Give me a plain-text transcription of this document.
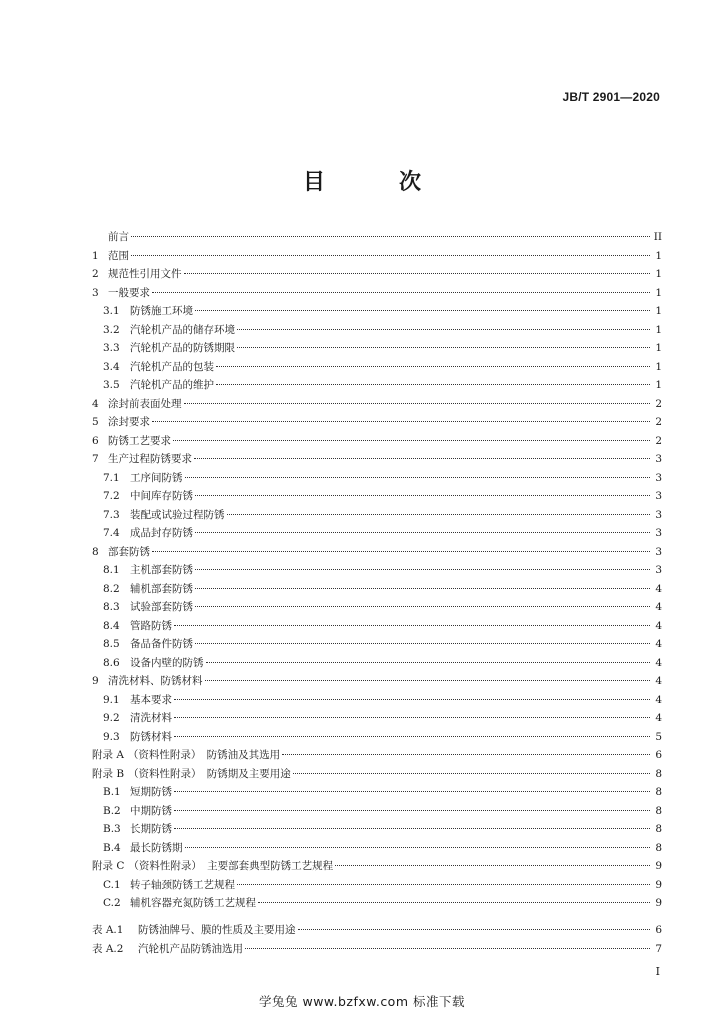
JB/T 2901—2020
目　次
前言	II
1 范围	1
2 规范性引用文件	1
3 一般要求	1
3.1 防锈施工环境	1
3.2 汽轮机产品的储存环境	1
3.3 汽轮机产品的防锈期限	1
3.4 汽轮机产品的包装	1
3.5 汽轮机产品的维护	1
4 涂封前表面处理	2
5 涂封要求	2
6 防锈工艺要求	2
7 生产过程防锈要求	3
7.1 工序间防锈	3
7.2 中间库存防锈	3
7.3 装配或试验过程防锈	3
7.4 成品封存防锈	3
8 部套防锈	3
8.1 主机部套防锈	3
8.2 辅机部套防锈	4
8.3 试验部套防锈	4
8.4 管路防锈	4
8.5 备品备件防锈	4
8.6 设备内壁的防锈	4
9 清洗材料、防锈材料	4
9.1 基本要求	4
9.2 清洗材料	4
9.3 防锈材料	5
附录 A （资料性附录）　防锈油及其选用	6
附录 B （资料性附录）　防锈期及主要用途	8
B.1 短期防锈	8
B.2 中期防锈	8
B.3 长期防锈	8
B.4 最长防锈期	8
附录 C （资料性附录）　主要部套典型防锈工艺规程	9
C.1 转子轴颈防锈工艺规程	9
C.2 辅机容器充氮防锈工艺规程	9
表 A.1	防锈油牌号、膜的性质及主要用途	6
表 A.2	汽轮机产品防锈油选用	7
I
学兔兔 www.bzfxw.com 标准下载
